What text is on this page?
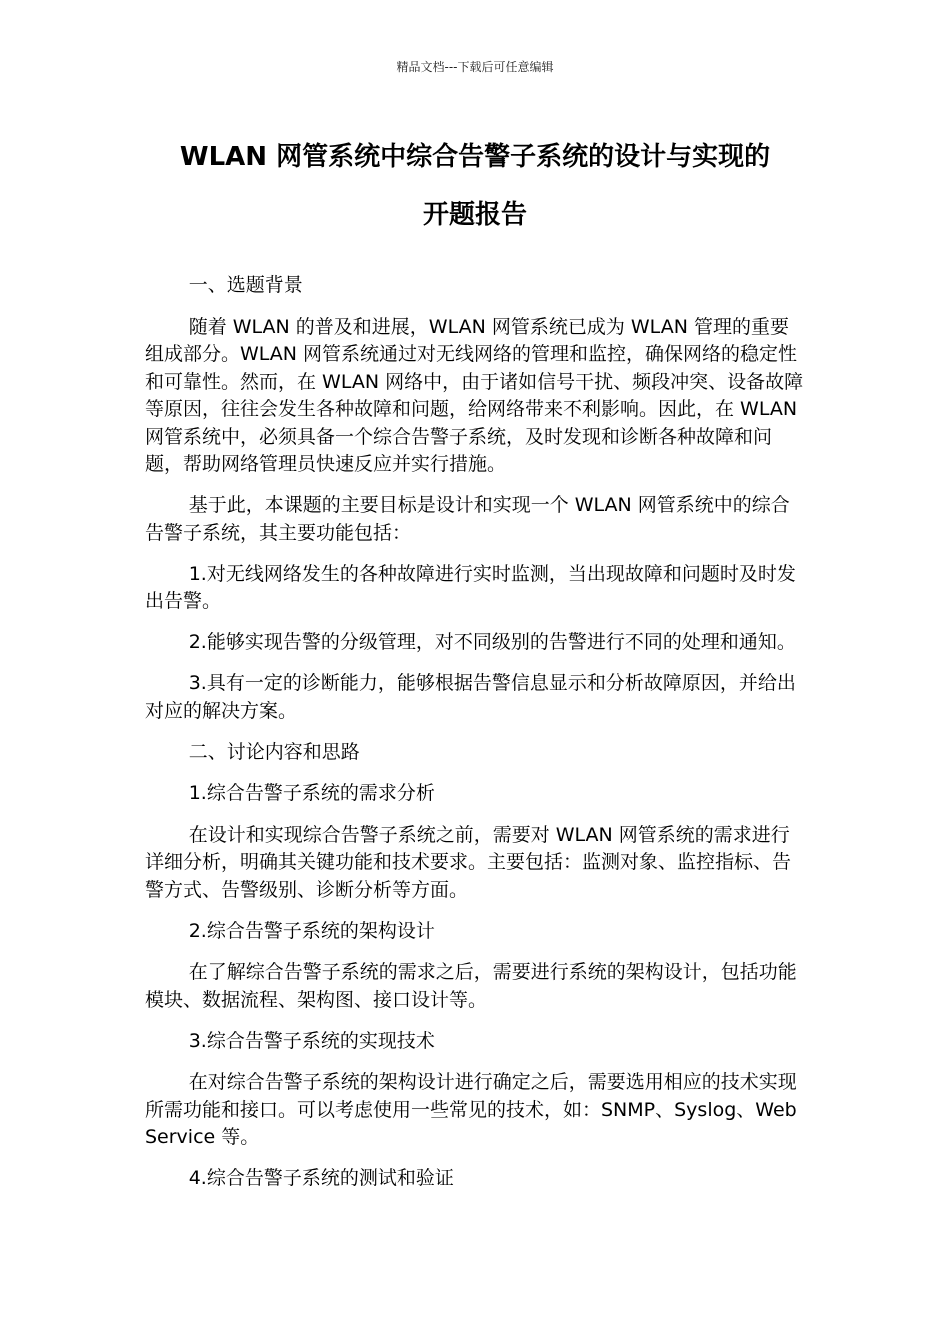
精品文档---下载后可任意编辑
WLAN 网管系统中综合告警子系统的设计与实现的
开题报告

一、选题背景

随着 WLAN 的普及和进展，WLAN 网管系统已成为 WLAN 管理的重要组成部分。WLAN 网管系统通过对无线网络的管理和监控，确保网络的稳定性和可靠性。然而，在 WLAN 网络中，由于诸如信号干扰、频段冲突、设备故障等原因，往往会发生各种故障和问题，给网络带来不利影响。因此，在 WLAN 网管系统中，必须具备一个综合告警子系统，及时发现和诊断各种故障和问题，帮助网络管理员快速反应并实行措施。

基于此，本课题的主要目标是设计和实现一个 WLAN 网管系统中的综合告警子系统，其主要功能包括：

1.对无线网络发生的各种故障进行实时监测，当出现故障和问题时及时发出告警。

2.能够实现告警的分级管理，对不同级别的告警进行不同的处理和通知。

3.具有一定的诊断能力，能够根据告警信息显示和分析故障原因，并给出对应的解决方案。

二、讨论内容和思路

1.综合告警子系统的需求分析

在设计和实现综合告警子系统之前，需要对 WLAN 网管系统的需求进行详细分析，明确其关键功能和技术要求。主要包括：监测对象、监控指标、告警方式、告警级别、诊断分析等方面。

2.综合告警子系统的架构设计

在了解综合告警子系统的需求之后，需要进行系统的架构设计，包括功能模块、数据流程、架构图、接口设计等。

3.综合告警子系统的实现技术

在对综合告警子系统的架构设计进行确定之后，需要选用相应的技术实现所需功能和接口。可以考虑使用一些常见的技术，如：SNMP、Syslog、Web Service 等。

4.综合告警子系统的测试和验证
